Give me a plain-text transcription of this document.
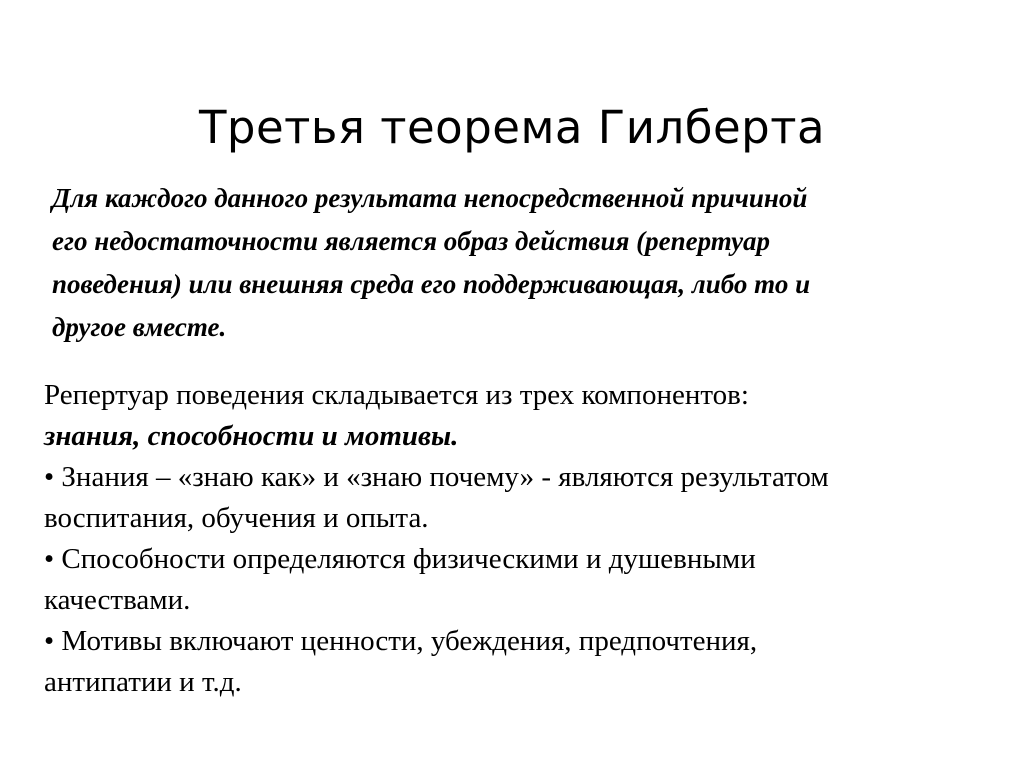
Третья теорема Гилберта
Для каждого данного результата непосредственной причиной
его недостаточности является образ действия (репертуар
поведения) или внешняя среда его поддерживающая, либо то и
другое вместе.

Репертуар поведения складывается из трех компонентов:

знания, способности и мотивы.

• Знания – «знаю как» и «знаю почему» - являются результатом

воспитания, обучения и опыта.

• Способности определяются физическими и душевными

качествами.

• Мотивы включают ценности, убеждения, предпочтения,

антипатии и т.д.
